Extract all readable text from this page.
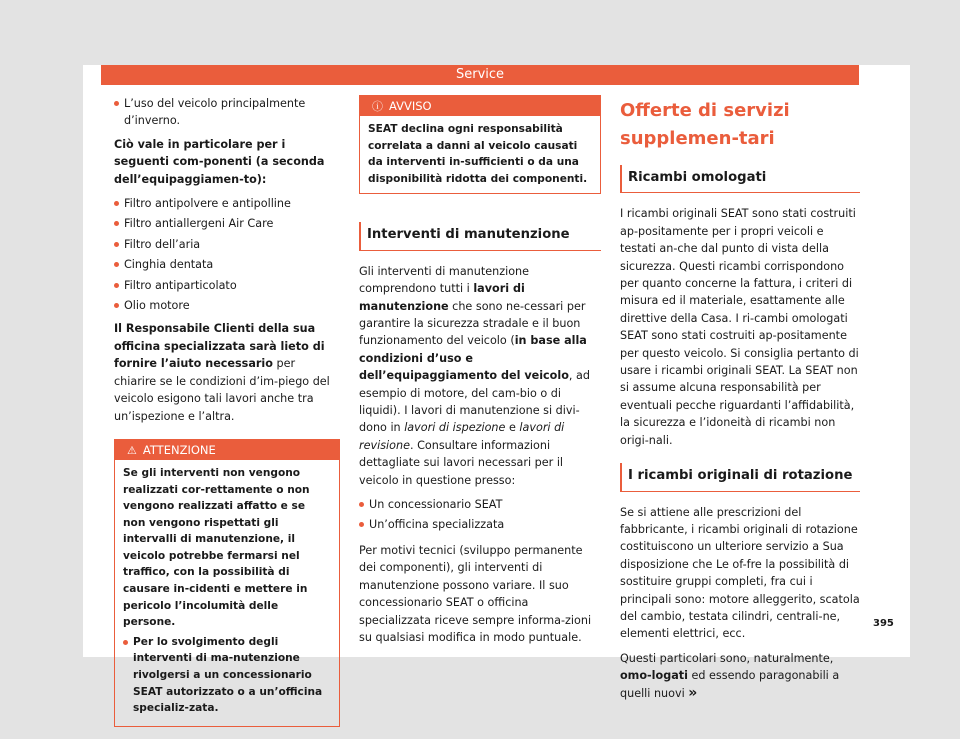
Service
L’uso del veicolo principalmente d’inverno.

Ciò vale in particolare per i seguenti com-ponenti (a seconda dell’equipaggiamen-to):

Filtro antipolvere e antipolline
Filtro antiallergeni Air Care
Filtro dell’aria
Cinghia dentata
Filtro antiparticolato
Olio motore

Il Responsabile Clienti della sua officina specializzata sarà lieto di fornire l’aiuto necessario per chiarire se le condizioni d’im-piego del veicolo esigono tali lavori anche tra un’ispezione e l’altra.

⚠ ATTENZIONE
Se gli interventi non vengono realizzati cor-rettamente o non vengono realizzati affatto e se non vengono rispettati gli intervalli di manutenzione, il veicolo potrebbe fermarsi nel traffico, con la possibilità di causare in-cidenti e mettere in pericolo l’incolumità delle persone.
Per lo svolgimento degli interventi di ma-nutenzione rivolgersi a un concessionario SEAT autorizzato o a un’officina specializ-zata.
ⓘ AVVISO
SEAT declina ogni responsabilità correlata a danni al veicolo causati da interventi in-sufficienti o da una disponibilità ridotta dei componenti.
Interventi di manutenzione

Gli interventi di manutenzione comprendono tutti i lavori di manutenzione che sono ne-cessari per garantire la sicurezza stradale e il buon funzionamento del veicolo (in base alla condizioni d’uso e dell’equipaggiamento del veicolo, ad esempio di motore, del cam-bio o di liquidi). I lavori di manutenzione si divi-dono in lavori di ispezione e lavori di revisione. Consultare informazioni dettagliate sui lavori necessari per il veicolo in questione presso:

Un concessionario SEAT
Un’officina specializzata

Per motivi tecnici (sviluppo permanente dei componenti), gli interventi di manutenzione possono variare. Il suo concessionario SEAT o officina specializzata riceve sempre informa-zioni su qualsiasi modifica in modo puntuale.

Offerte di servizi supplemen-tari
Ricambi omologati

I ricambi originali SEAT sono stati costruiti ap-positamente per i propri veicoli e testati an-che dal punto di vista della sicurezza. Questi ricambi corrispondono per quanto concerne la fattura, i criteri di misura ed il materiale, esattamente alle direttive della Casa. I ri-cambi omologati SEAT sono stati costruiti ap-positamente per questo veicolo. Si consiglia pertanto di usare i ricambi originali SEAT. La SEAT non si assume alcuna responsabilità per eventuali pecche riguardanti l’affidabilità, la sicurezza e l’idoneità di ricambi non origi-nali.

I ricambi originali di rotazione

Se si attiene alle prescrizioni del fabbricante, i ricambi originali di rotazione costituiscono un ulteriore servizio a Sua disposizione che Le of-fre la possibilità di sostituire gruppi completi, fra cui i principali sono: motore alleggerito, scatola del cambio, testata cilindri, centrali-ne, elementi elettrici, ecc.

Questi particolari sono, naturalmente, omo-logati ed essendo paragonabili a quelli nuovi »

395
